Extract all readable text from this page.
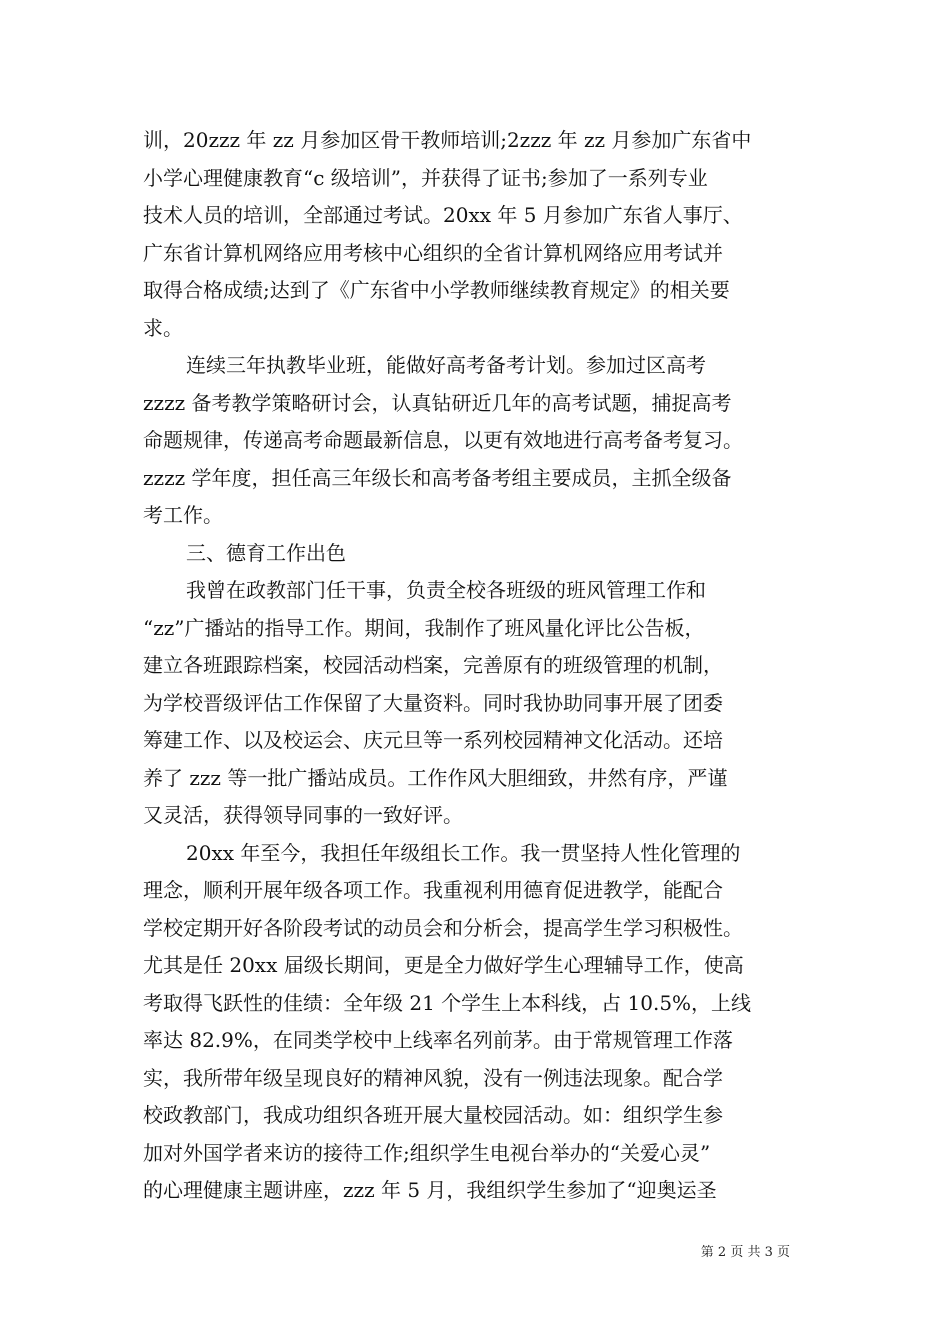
训，20zzz 年 zz 月参加区骨干教师培训;2zzz 年 zz 月参加广东省中
小学心理健康教育“c 级培训”，并获得了证书;参加了一系列专业
技术人员的培训，全部通过考试。20xx 年 5 月参加广东省人事厅、
广东省计算机网络应用考核中心组织的全省计算机网络应用考试并
取得合格成绩;达到了《广东省中小学教师继续教育规定》的相关要
求。
连续三年执教毕业班，能做好高考备考计划。参加过区高考
zzzz 备考教学策略研讨会，认真钻研近几年的高考试题，捕捉高考
命题规律，传递高考命题最新信息，以更有效地进行高考备考复习。
zzzz 学年度，担任高三年级长和高考备考组主要成员，主抓全级备
考工作。
三、德育工作出色
我曾在政教部门任干事，负责全校各班级的班风管理工作和
“zz”广播站的指导工作。期间，我制作了班风量化评比公告板，
建立各班跟踪档案，校园活动档案，完善原有的班级管理的机制，
为学校晋级评估工作保留了大量资料。同时我协助同事开展了团委
筹建工作、以及校运会、庆元旦等一系列校园精神文化活动。还培
养了 zzz 等一批广播站成员。工作作风大胆细致，井然有序，严谨
又灵活，获得领导同事的一致好评。
20xx 年至今，我担任年级组长工作。我一贯坚持人性化管理的
理念，顺利开展年级各项工作。我重视利用德育促进教学，能配合
学校定期开好各阶段考试的动员会和分析会，提高学生学习积极性。
尤其是任 20xx 届级长期间，更是全力做好学生心理辅导工作，使高
考取得飞跃性的佳绩：全年级 21 个学生上本科线，占 10.5%，上线
率达 82.9%，在同类学校中上线率名列前茅。由于常规管理工作落
实，我所带年级呈现良好的精神风貌，没有一例违法现象。配合学
校政教部门，我成功组织各班开展大量校园活动。如：组织学生参
加对外国学者来访的接待工作;组织学生电视台举办的“关爱心灵”
的心理健康主题讲座，zzz 年 5 月，我组织学生参加了“迎奥运圣
第 2 页 共 3 页
